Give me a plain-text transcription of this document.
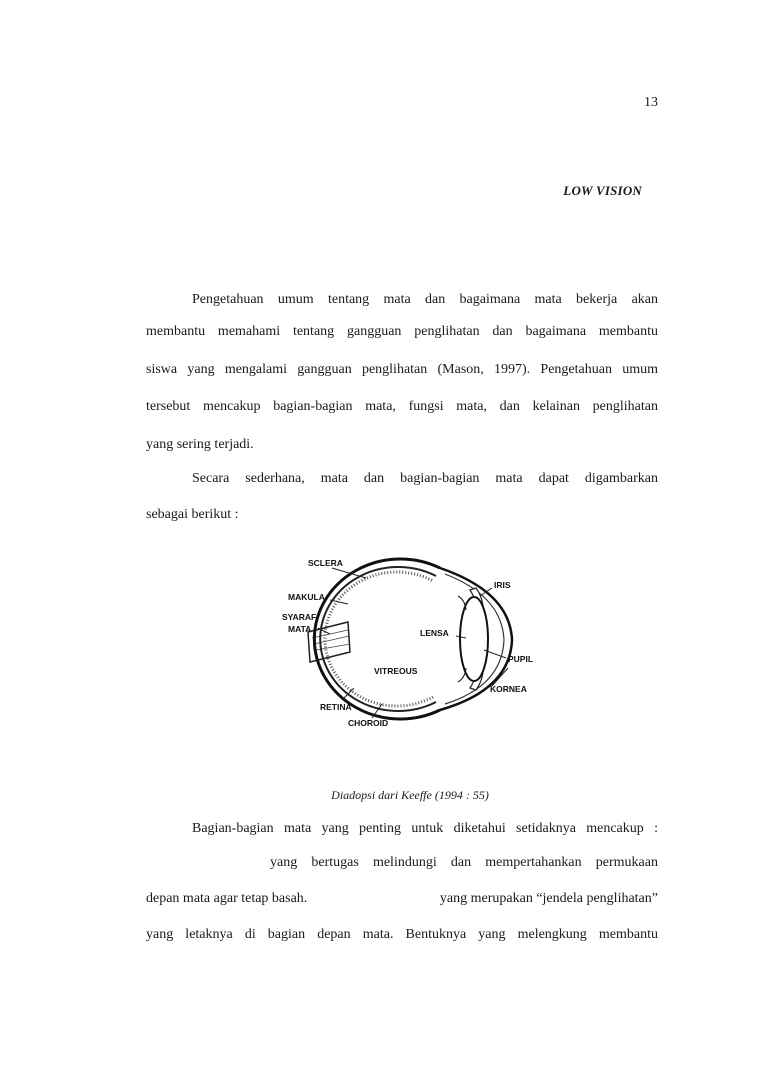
13
LOW VISION
Pengetahuan umum tentang mata dan bagaimana mata bekerja akan
membantu memahami tentang gangguan penglihatan dan bagaimana membantu
siswa yang mengalami gangguan penglihatan (Mason, 1997). Pengetahuan umum
tersebut mencakup bagian-bagian mata, fungsi mata, dan kelainan penglihatan
yang sering terjadi.
Secara sederhana, mata dan bagian-bagian mata dapat digambarkan
sebagai berikut :
SCLERA
MAKULA
SYARAF
MATA
IRIS
LENSA
PUPIL
VITREOUS
KORNEA
RETINA
CHOROID
Diadopsi dari Keeffe (1994 : 55)
Bagian-bagian mata yang penting untuk diketahui setidaknya mencakup :
yang bertugas melindungi dan mempertahankan permukaan
depan mata agar tetap basah.	yang merupakan “jendela penglihatan”
yang letaknya di bagian depan mata. Bentuknya yang melengkung membantu
